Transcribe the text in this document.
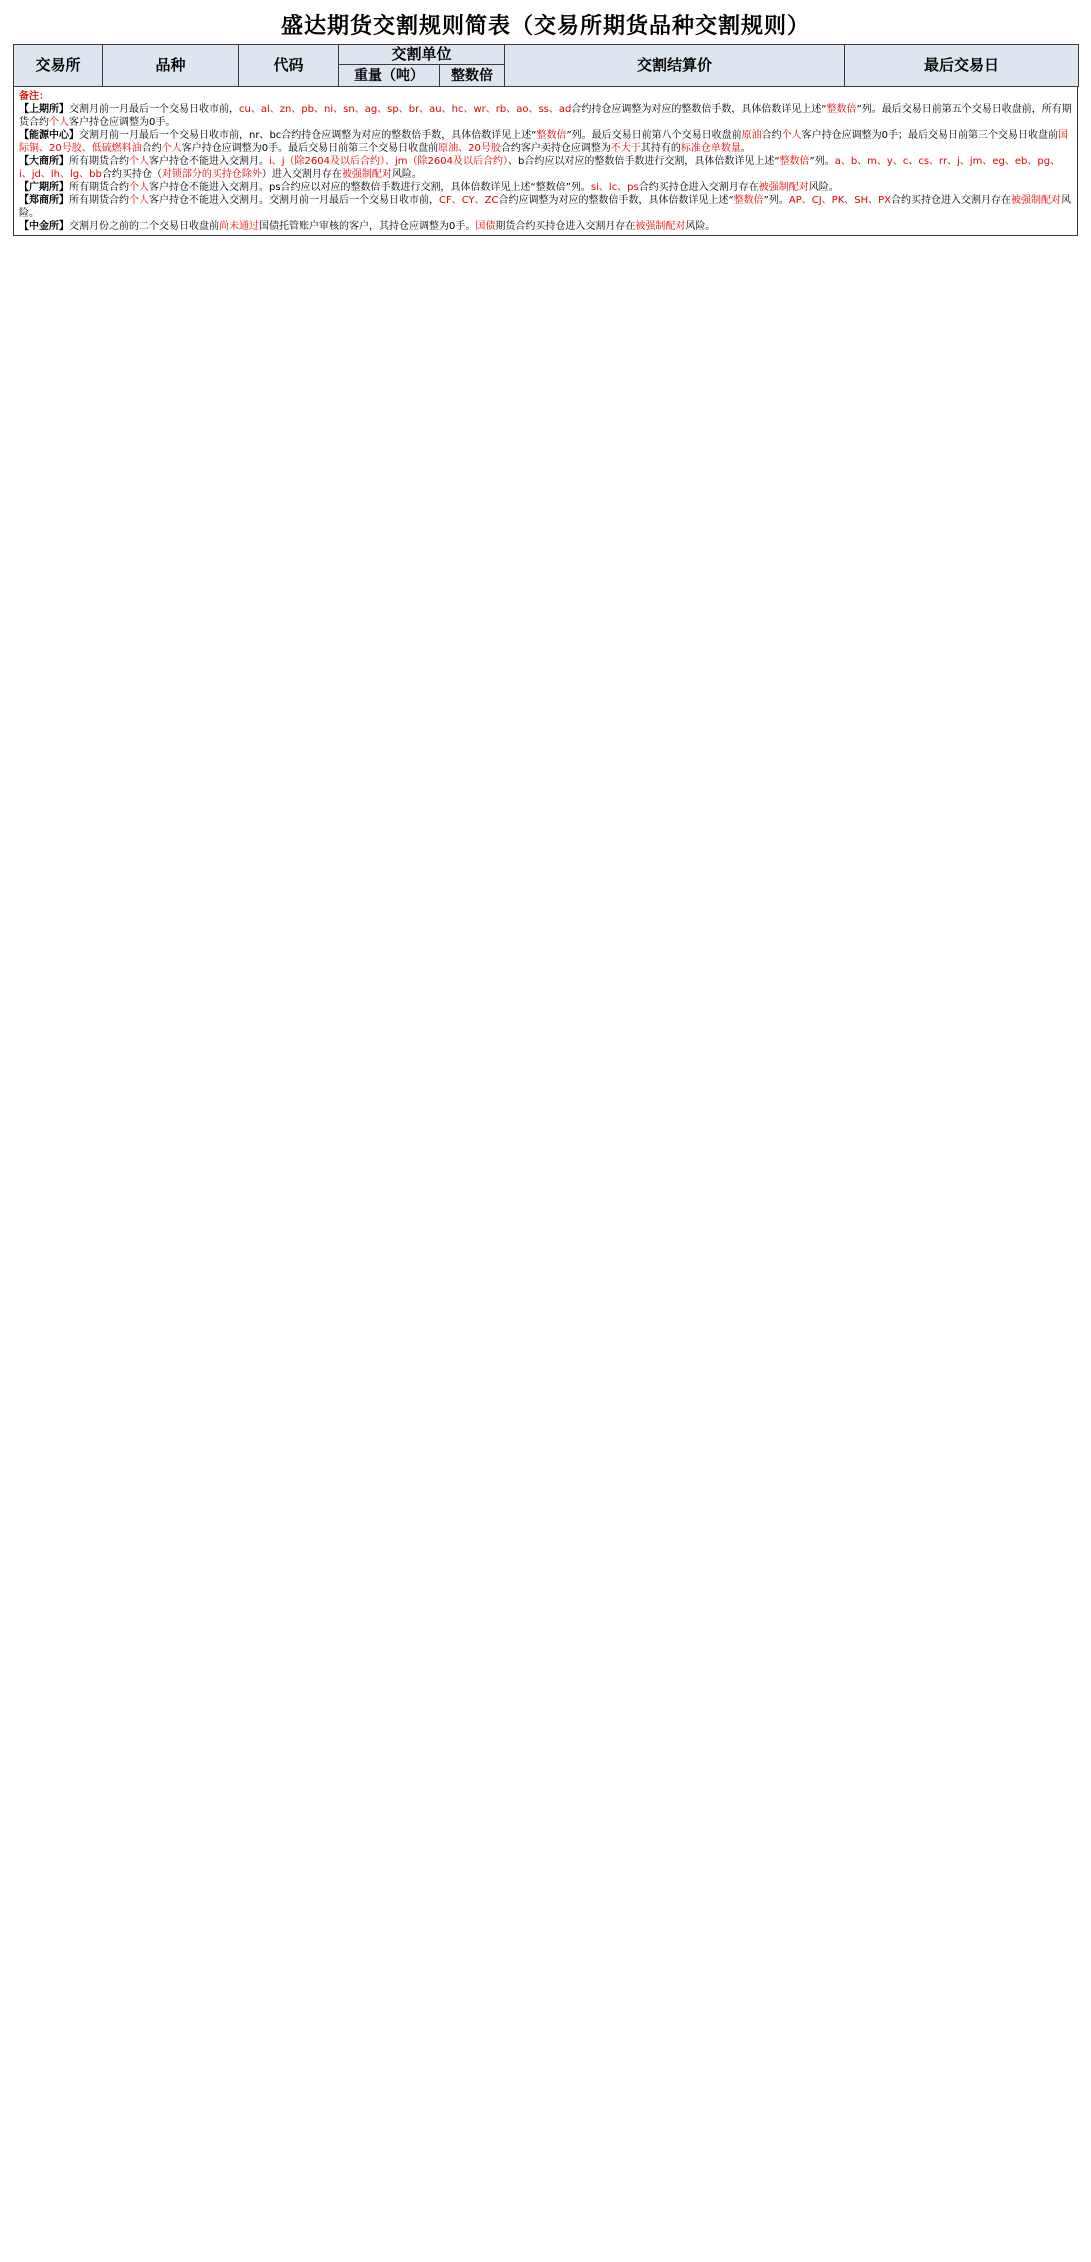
盛达期货交割规则简表（交易所期货品种交割规则）
交易所	品种	代码	交割单位		交割结算价	最后交易日
			重量（吨）	整数倍		

备注：

【上期所】交割月前一月最后一个交易日收市前，cu、al、zn、pb、ni、sn、ag、sp、br、au、hc、wr、rb、ao、ss、ad合约持仓应调整为对应的整数倍手数，具体倍数详见上述“整数倍”列。最后交易日前第五个交易日收盘前，所有期货合约个人客户持仓应调整为0手。

【能源中心】交割月前一月最后一个交易日收市前，nr、bc合约持仓应调整为对应的整数倍手数，具体倍数详见上述“整数倍”列。最后交易日前第八个交易日收盘前原油合约个人客户持仓应调整为0手；最后交易日前第三个交易日收盘前国际铜、20号胶、低硫燃料油合约个人客户持仓应调整为0手。最后交易日前第三个交易日收盘前原油、20号胶合约客户卖持仓应调整为不大于其持有的标准仓单数量。

【大商所】所有期货合约个人客户持仓不能进入交割月。i、j（除2604及以后合约）、jm（除2604及以后合约）、b合约应以对应的整数倍手数进行交割，具体倍数详见上述“整数倍”列。a、b、m、y、c、cs、rr、j、jm、eg、eb、pg、i、jd、lh、lg、bb合约买持仓（对锁部分的买持仓除外）进入交割月存在被强制配对风险。

【广期所】所有期货合约个人客户持仓不能进入交割月。ps合约应以对应的整数倍手数进行交割，具体倍数详见上述“整数倍”列。si、lc、ps合约买持仓进入交割月存在被强制配对风险。

【郑商所】所有期货合约个人客户持仓不能进入交割月。交割月前一月最后一个交易日收市前，CF、CY、ZC合约应调整为对应的整数倍手数，具体倍数详见上述“整数倍”列。AP、CJ、PK、SH、PX合约买持仓进入交割月存在被强制配对风险。

【中金所】交割月份之前的二个交易日收盘前尚未通过国债托管账户审核的客户，其持仓应调整为0手。国债期货合约买持仓进入交割月存在被强制配对风险。
